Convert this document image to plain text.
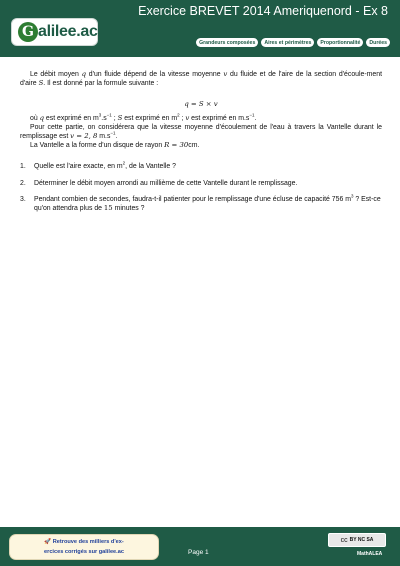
G alilee.ac
Exercice BREVET 2014 Ameriquenord - Ex 8
Grandeurs composées	Aires et périmètres	Proportionnalité	Durées

Le débit moyen q d'un fluide dépend de la vitesse moyenne v du fluide et de l'aire de la section d'écoule-ment d'aire S. Il est donné par la formule suivante :

q = S × v

où q est exprimé en $m^3.s^{-1}$ ; S est exprimé en $m^2$ ; v est exprimé en $m.s^{-1}$.

Pour cette partie, on considérera que la vitesse moyenne d'écoulement de l'eau à travers la Vantelle durant le remplissage est v = 2, 8 $m.s^{-1}$.

La Vantelle a la forme d'un disque de rayon R = 30cm.

1. Quelle est l'aire exacte, en $m^2$, de la Vantelle ?
2. Déterminer le débit moyen arrondi au millième de cette Vantelle durant le remplissage.
3. Pendant combien de secondes, faudra-t-il patienter pour le remplissage d'une écluse de capacité 756 $m^3$ ? Est-ce qu'on attendra plus de 15 minutes ?
🚀 Retrouve des milliers d'ex-
ercices corrigés sur galilee.ac	Page 1
cc BY NC SA
MathALEA
